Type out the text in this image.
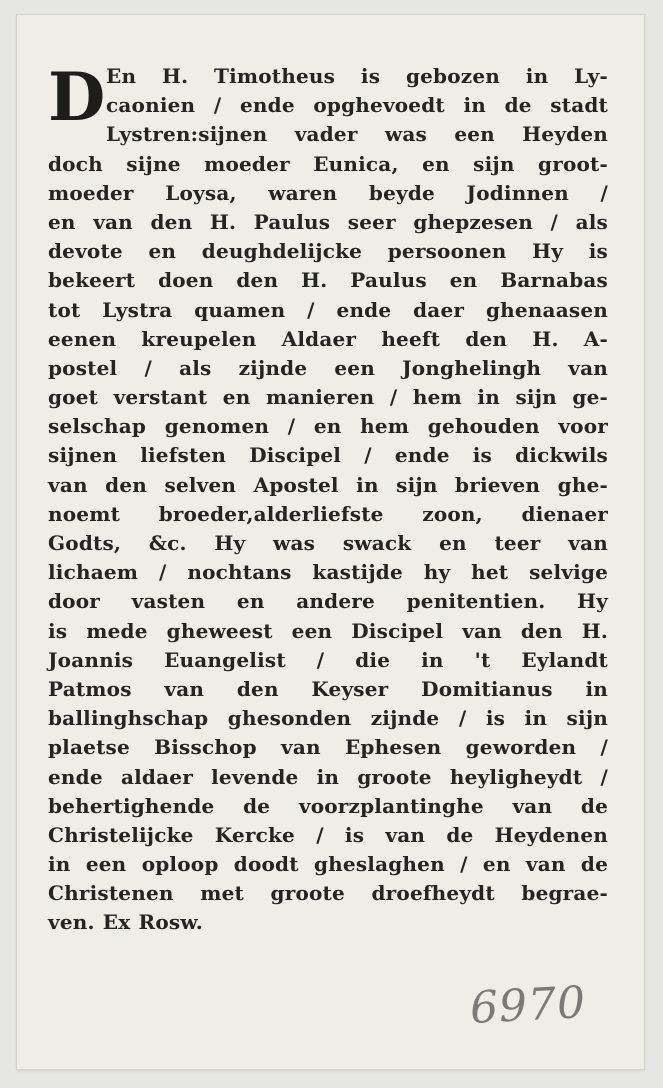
D En H. Timotheus is gebozen in Ly-
caonien / ende opghevoedt in de stadt
Lystren:sijnen vader was een Heyden
doch sijne moeder Eunica, en sijn groot-
moeder Loysa, waren beyde Jodinnen /
en van den H. Paulus seer ghepzesen / als
devote en deughdelijcke persoonen Hy is
bekeert doen den H. Paulus en Barnabas
tot Lystra quamen / ende daer ghenaasen
eenen kreupelen Aldaer heeft den H. A-
postel / als zijnde een Jonghelingh van
goet verstant en manieren / hem in sijn ge-
selschap genomen / en hem gehouden voor
sijnen liefsten Discipel / ende is dickwils
van den selven Apostel in sijn brieven ghe-
noemt broeder,alderliefste zoon, dienaer
Godts, &c. Hy was swack en teer van
lichaem / nochtans kastijde hy het selvige
door vasten en andere penitentien. Hy
is mede gheweest een Discipel van den H.
Joannis Euangelist / die in 't Eylandt
Patmos van den Keyser Domitianus in
ballinghschap ghesonden zijnde / is in sijn
plaetse Bisschop van Ephesen geworden /
ende aldaer levende in groote heyligheydt /
behertighende de voorzplantinghe van de
Christelijcke Kercke / is van de Heydenen
in een oploop doodt gheslaghen / en van de
Christenen met groote droefheydt begrae-
ven. Ex Rosw.
6970
